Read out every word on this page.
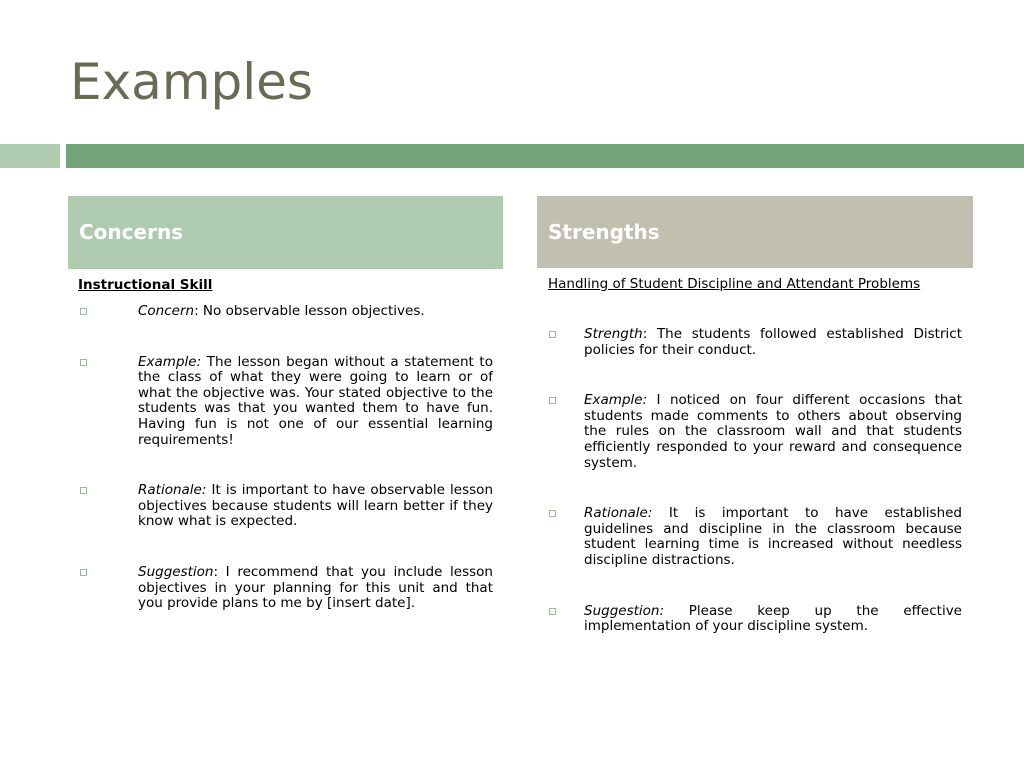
Examples
Concerns	Strengths
Instructional Skill
Concern: No observable lesson objectives.
Example: The lesson began without a statement to the class of what they were going to learn or of what the objective was. Your stated objective to the students was that you wanted them to have fun. Having fun is not one of our essential learning requirements!
Rationale: It is important to have observable lesson objectives because students will learn better if they know what is expected.
Suggestion: I recommend that you include lesson objectives in your planning for this unit and that you provide plans to me by [insert date].
Handling of Student Discipline and Attendant Problems
Strength: The students followed established District policies for their conduct.
Example: I noticed on four different occasions that students made comments to others about observing the rules on the classroom wall and that students efficiently responded to your reward and consequence system.
Rationale: It is important to have established guidelines and discipline in the classroom because student learning time is increased without needless discipline distractions.
Suggestion: Please keep up the effective implementation of your discipline system.
